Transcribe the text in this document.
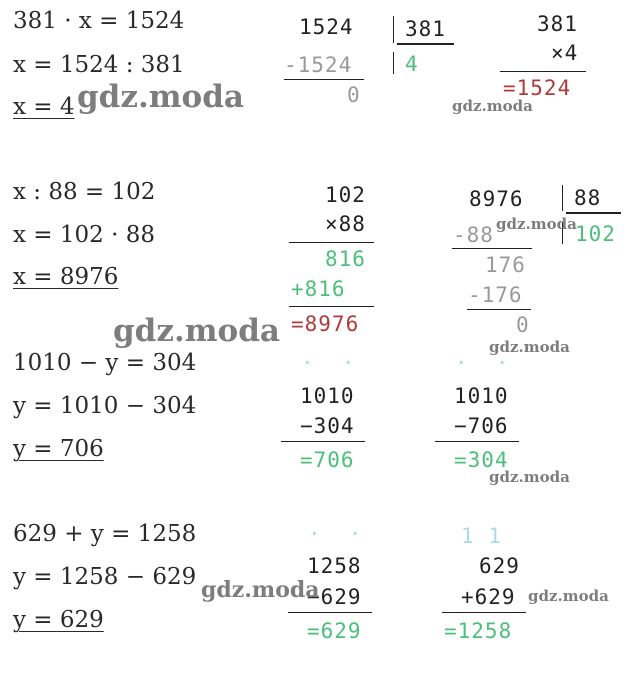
381 · x = 1524
x = 1524 : 381
x = 4
1524
-1524
0
381
4
381
×4
=1524
x : 88 = 102
x = 102 · 88
x = 8976
102
×88
816
+816
=8976
8976 88
102
-88
176
-176
0
1010 − y = 304
y = 1010 − 304
y = 706
·  ·
1010
−304
=706
·  ·
1010
−706
=304
629 + y = 1258
y = 1258 − 629
y = 629
·  ·
1258
−629
=629
1 1
629
+629
=1258
gdz.moda	gdz.moda
gdz.moda
gdz.moda	gdz.moda
gdz.moda
gdz.moda	gdz.moda
